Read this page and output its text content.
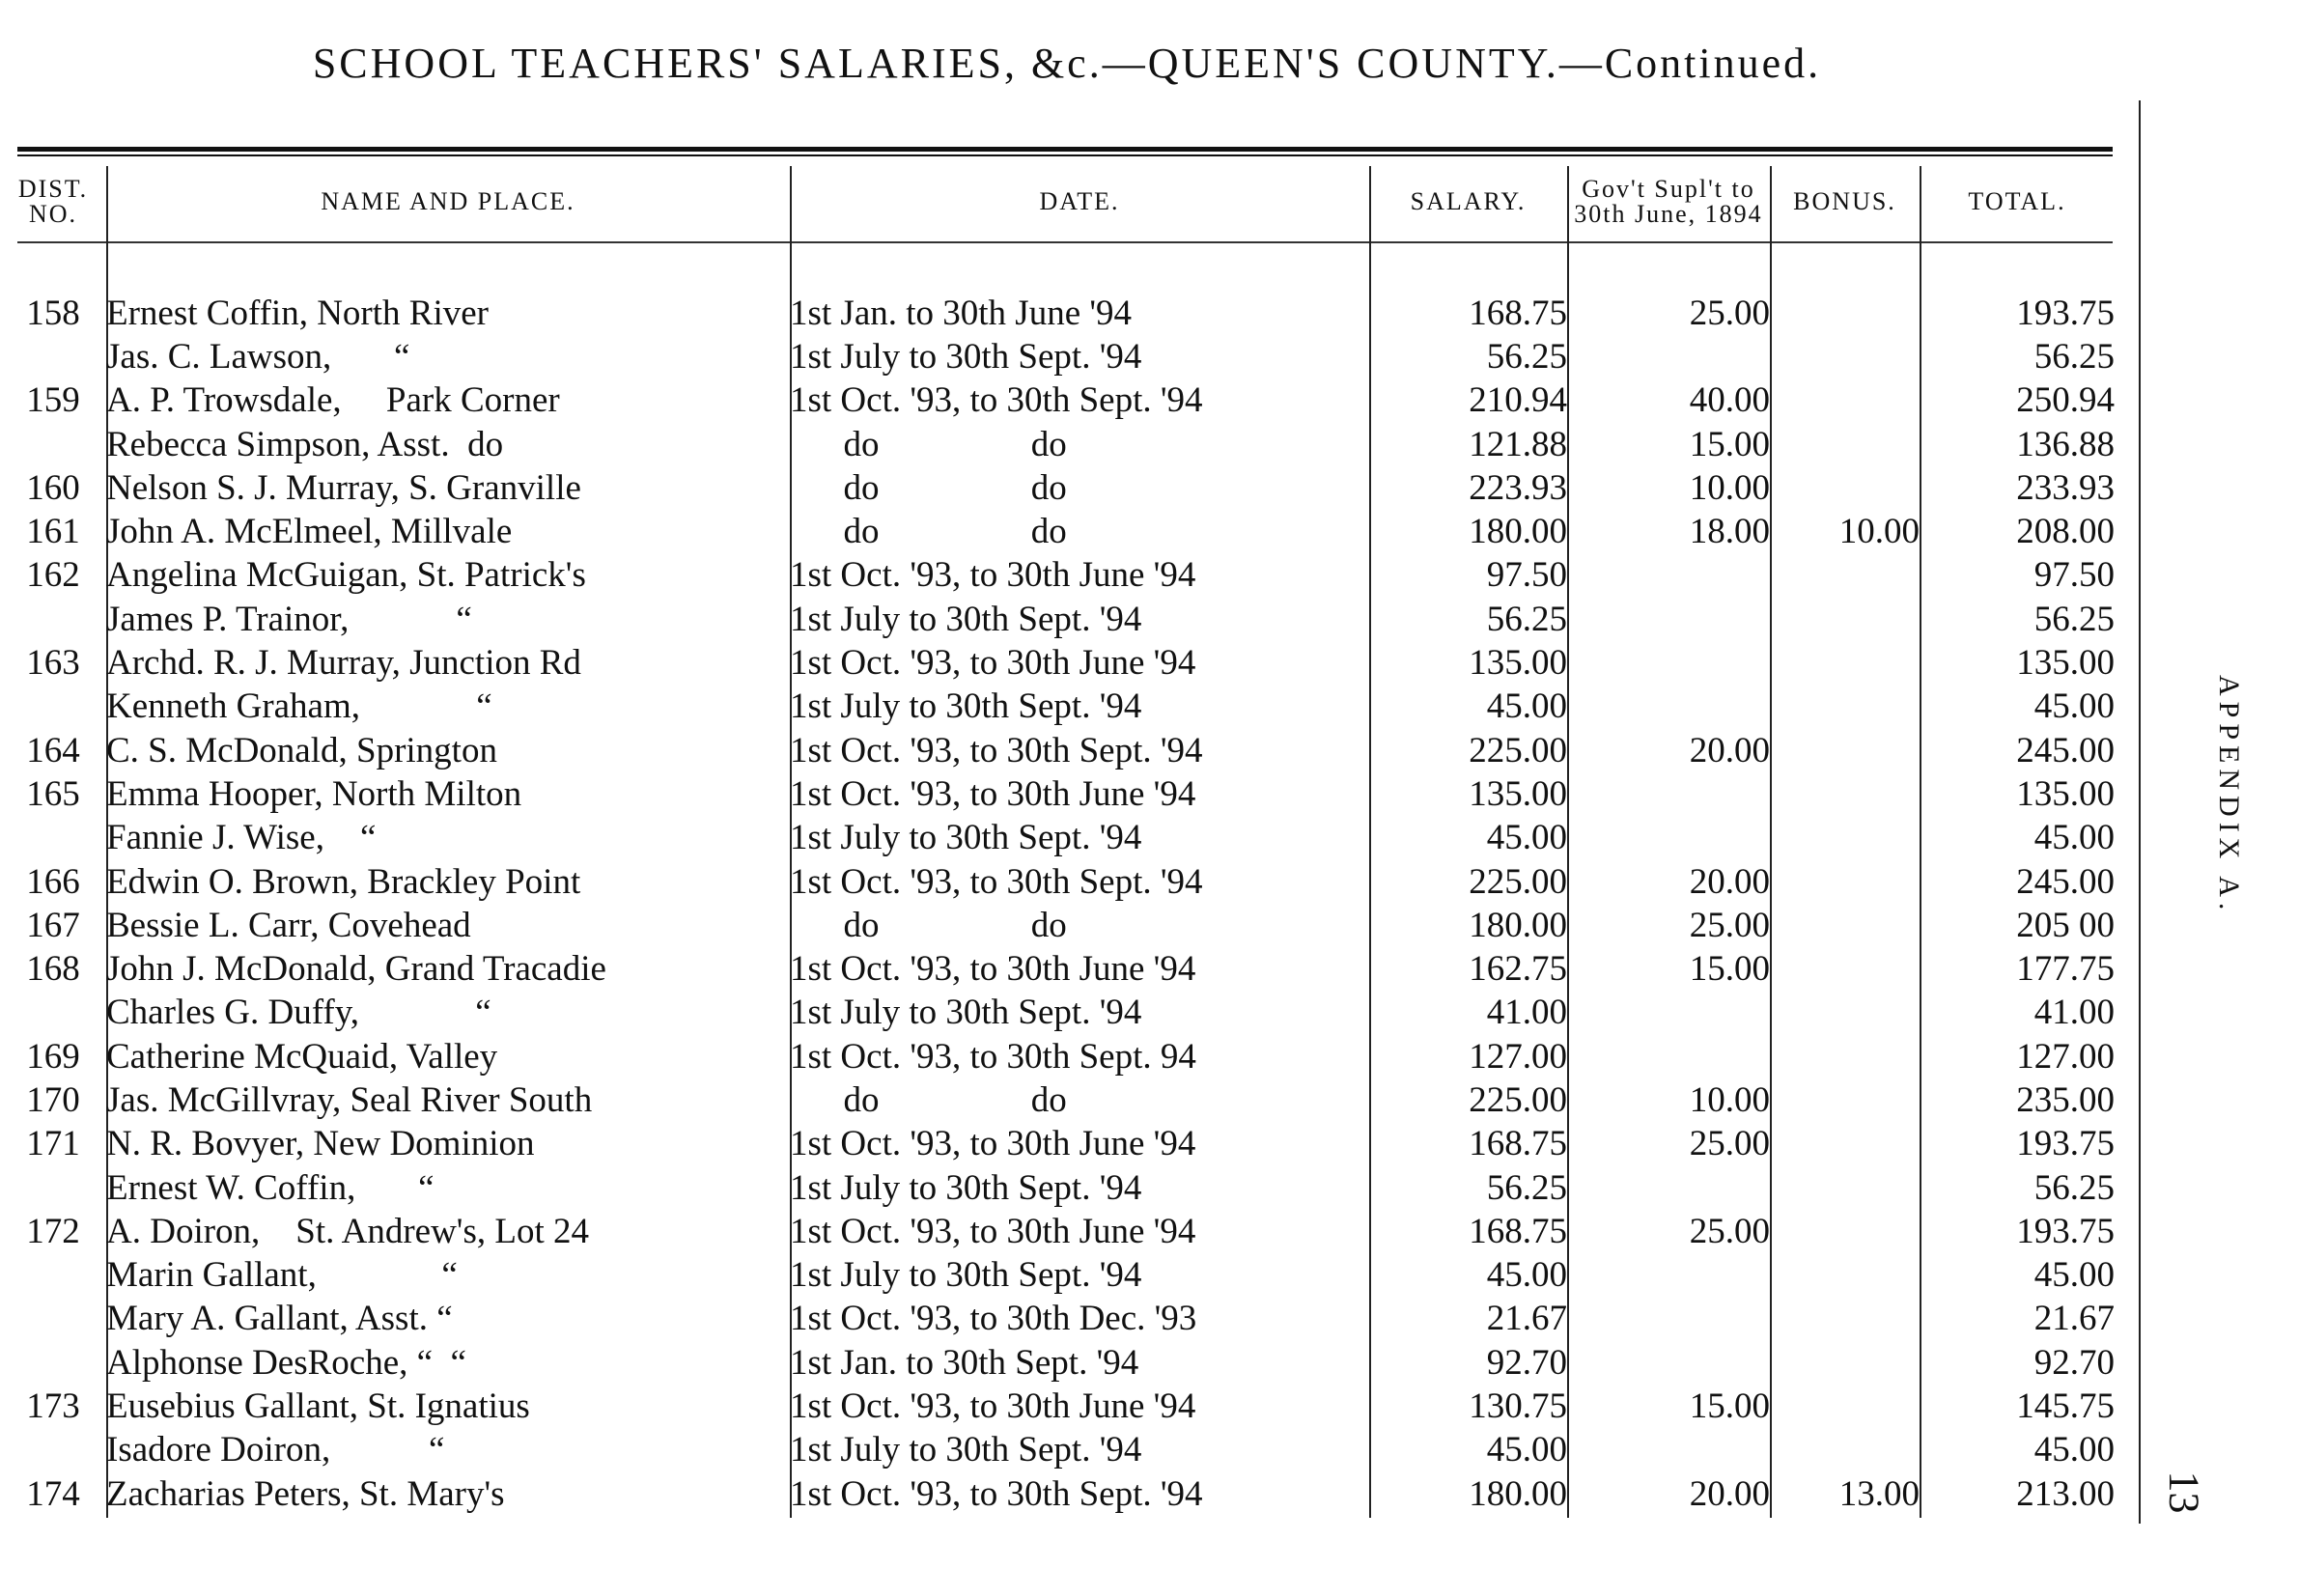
SCHOOL TEACHERS' SALARIES, &c.—QUEEN'S COUNTY.—Continued.
DIST. NO.	NAME AND PLACE.	DATE.	SALARY.	Gov't Supl't to 30th June, 1894	BONUS.	TOTAL.

158	Ernest Coffin, North River	1st Jan. to 30th June '94	168.75	25.00		193.75
	Jas. C. Lawson,       “	1st July to 30th Sept. '94	56.25			56.25
159	A. P. Trowsdale,     Park Corner	1st Oct. '93, to 30th Sept. '94	210.94	40.00		250.94
	Rebecca Simpson, Asst.  do	do                 do	121.88	15.00		136.88
160	Nelson S. J. Murray, S. Granville	do                 do	223.93	10.00		233.93
161	John A. McElmeel, Millvale	do                 do	180.00	18.00	10.00	208.00
162	Angelina McGuigan, St. Patrick's	1st Oct. '93, to 30th June '94	97.50			97.50
	James P. Trainor,            “	1st July to 30th Sept. '94	56.25			56.25
163	Archd. R. J. Murray, Junction Rd	1st Oct. '93, to 30th June '94	135.00			135.00
	Kenneth Graham,             “	1st July to 30th Sept. '94	45.00			45.00
164	C. S. McDonald, Springton	1st Oct. '93, to 30th Sept. '94	225.00	20.00		245.00
165	Emma Hooper, North Milton	1st Oct. '93, to 30th June '94	135.00			135.00
	Fannie J. Wise,    “	1st July to 30th Sept. '94	45.00			45.00
166	Edwin O. Brown, Brackley Point	1st Oct. '93, to 30th Sept. '94	225.00	20.00		245.00
167	Bessie L. Carr, Covehead	do                 do	180.00	25.00		205 00
168	John J. McDonald, Grand Tracadie	1st Oct. '93, to 30th June '94	162.75	15.00		177.75
	Charles G. Duffy,             “	1st July to 30th Sept. '94	41.00			41.00
169	Catherine McQuaid, Valley	1st Oct. '93, to 30th Sept. 94	127.00			127.00
170	Jas. McGillvray, Seal River South	do                 do	225.00	10.00		235.00
171	N. R. Bovyer, New Dominion	1st Oct. '93, to 30th June '94	168.75	25.00		193.75
	Ernest W. Coffin,       “	1st July to 30th Sept. '94	56.25			56.25
172	A. Doiron,    St. Andrew's, Lot 24	1st Oct. '93, to 30th June '94	168.75	25.00		193.75
	Marin Gallant,              “	1st July to 30th Sept. '94	45.00			45.00
	Mary A. Gallant, Asst. “	1st Oct. '93, to 30th Dec. '93	21.67			21.67
	Alphonse DesRoche, “  “	1st Jan. to 30th Sept. '94	92.70			92.70
173	Eusebius Gallant, St. Ignatius	1st Oct. '93, to 30th June '94	130.75	15.00		145.75
	Isadore Doiron,           “	1st July to 30th Sept. '94	45.00			45.00
174	Zacharias Peters, St. Mary's	1st Oct. '93, to 30th Sept. '94	180.00	20.00	13.00	213.00
APPENDIX A.
13
